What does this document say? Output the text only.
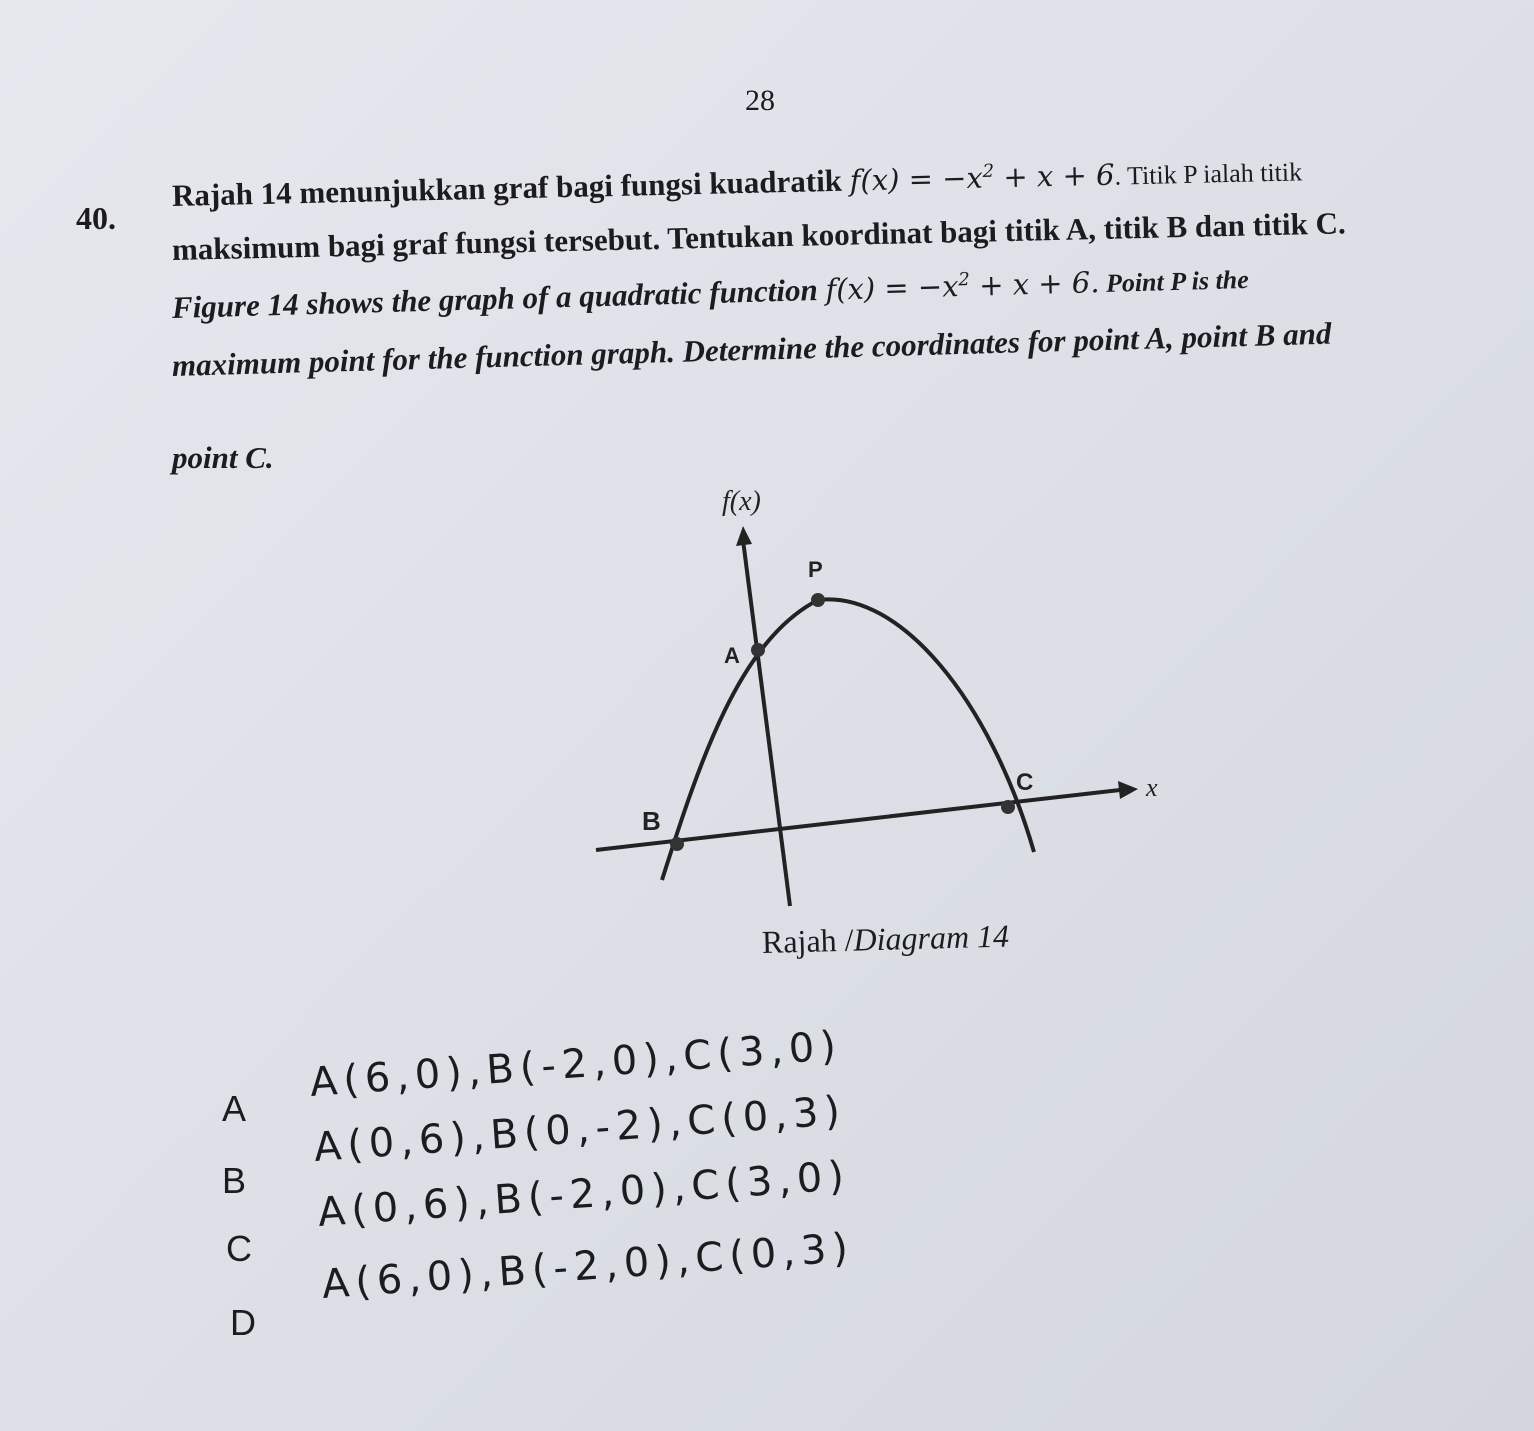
28
40.
Rajah 14 menunjukkan graf bagi fungsi kuadratik $f(x) = -x^2 + x + 6$. Titik P ialah titik
maksimum bagi graf fungsi tersebut. Tentukan koordinat bagi titik A, titik B dan titik C.
Figure 14 shows the graph of a quadratic function $f(x) = -x^2 + x + 6$. Point P is the
maximum point for the function graph. Determine the coordinates for point A, point B and
point C.
f(x)
x
P
A
B
C
Rajah /Diagram 14
A
A(6,0),B(-2,0),C(3,0)
B
A(0,6),B(0,-2),C(0,3)
C
A(0,6),B(-2,0),C(3,0)
D
A(6,0),B(-2,0),C(0,3)
